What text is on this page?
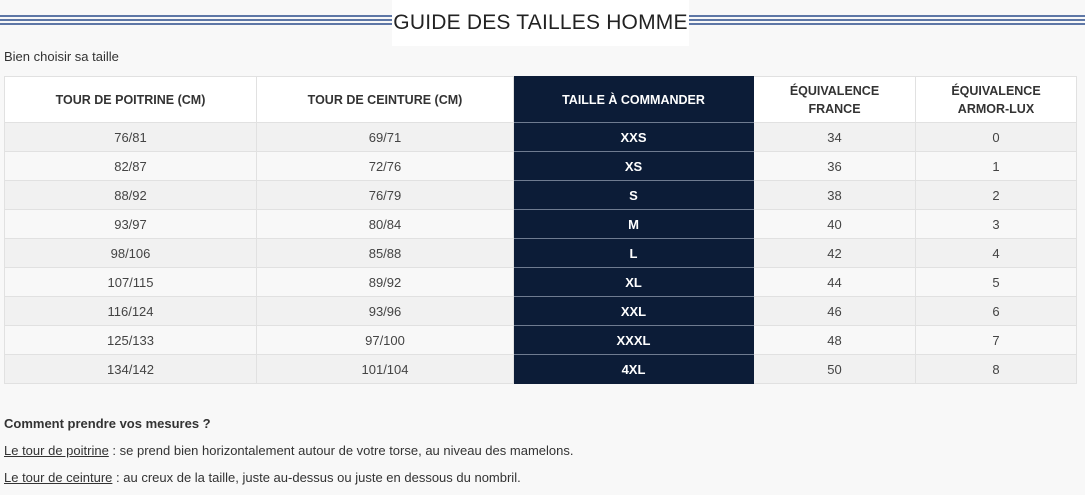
GUIDE DES TAILLES HOMME
Bien choisir sa taille
TOUR DE POITRINE (CM)	TOUR DE CEINTURE (CM)	TAILLE À COMMANDER	ÉQUIVALENCE FRANCE	ÉQUIVALENCE ARMOR-LUX

76/81	69/71	XXS	34	0
82/87	72/76	XS	36	1
88/92	76/79	S	38	2
93/97	80/84	M	40	3
98/106	85/88	L	42	4
107/115	89/92	XL	44	5
116/124	93/96	XXL	46	6
125/133	97/100	XXXL	48	7
134/142	101/104	4XL	50	8
Comment prendre vos mesures ?
Le tour de poitrine : se prend bien horizontalement autour de votre torse, au niveau des mamelons.
Le tour de ceinture : au creux de la taille, juste au-dessus ou juste en dessous du nombril.
